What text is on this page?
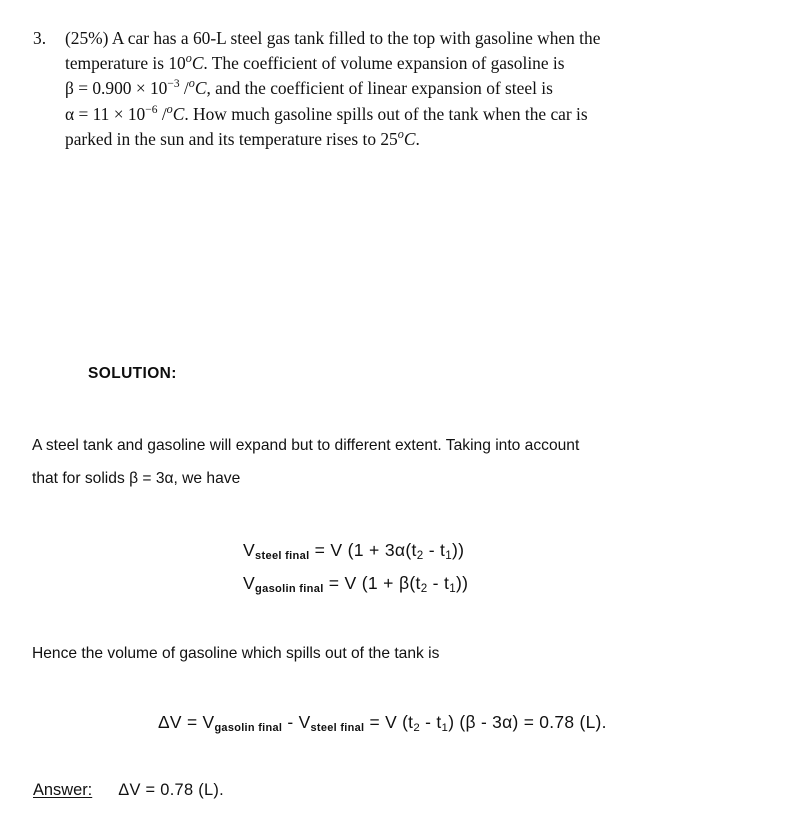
3.	(25%) A car has a 60-L steel gas tank filled to the top with gasoline when the
temperature is 10$^o$C. The coefficient of volume expansion of gasoline is
$\beta = 0.900 \times 10^{-3}$ /$^o$C, and the coefficient of linear expansion of steel is
$\alpha = 11 \times 10^{-6}$ /$^o$C. How much gasoline spills out of the tank when the car is
parked in the sun and its temperature rises to 25$^o$C.
SOLUTION:
A steel tank and gasoline will expand but to different extent. Taking into account
that for solids β = 3α, we have
Vsteel final = V (1 + 3α(t2 - t1))
Vgasolin final = V (1 + β(t2 - t1))
Hence the volume of gasoline which spills out of the tank is
ΔV = Vgasolin final - Vsteel final = V (t2 - t1) (β - 3α) = 0.78 (L).
Answer: ΔV = 0.78 (L).
